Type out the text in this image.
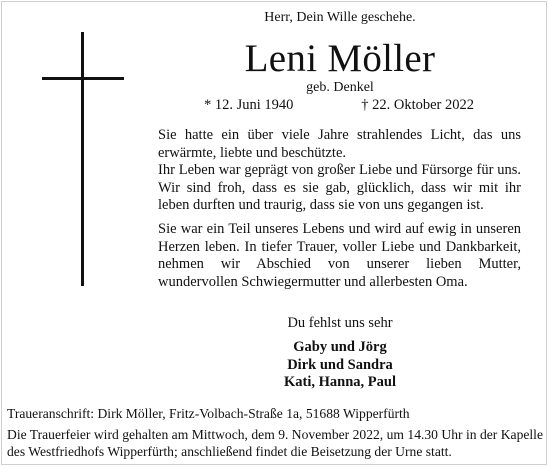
Herr, Dein Wille geschehe.
Leni Möller
geb. Denkel
* 12. Juni 1940	† 22. Oktober 2022

Sie hatte ein über viele Jahre strahlendes Licht, das uns erwärmte, liebte und beschützte.

Ihr Leben war geprägt von großer Liebe und Fürsorge für uns. Wir sind froh, dass es sie gab, glücklich, dass wir mit ihr leben durften und traurig, dass sie von uns gegangen ist.

Sie war ein Teil unseres Lebens und wird auf ewig in unseren Herzen leben. In tiefer Trauer, voller Liebe und Dankbarkeit, nehmen wir Abschied von unserer lieben Mutter, wundervollen Schwiegermutter und allerbesten Oma.

Du fehlst uns sehr
Gaby und Jörg
Dirk und Sandra
Kati, Hanna, Paul
Traueranschrift: Dirk Möller, Fritz-Volbach-Straße 1a, 51688 Wipperfürth
Die Trauerfeier wird gehalten am Mittwoch, dem 9. November 2022, um 14.30 Uhr in der Kapelle des Westfriedhofs Wipperfürth; anschließend findet die Beisetzung der Urne statt.
